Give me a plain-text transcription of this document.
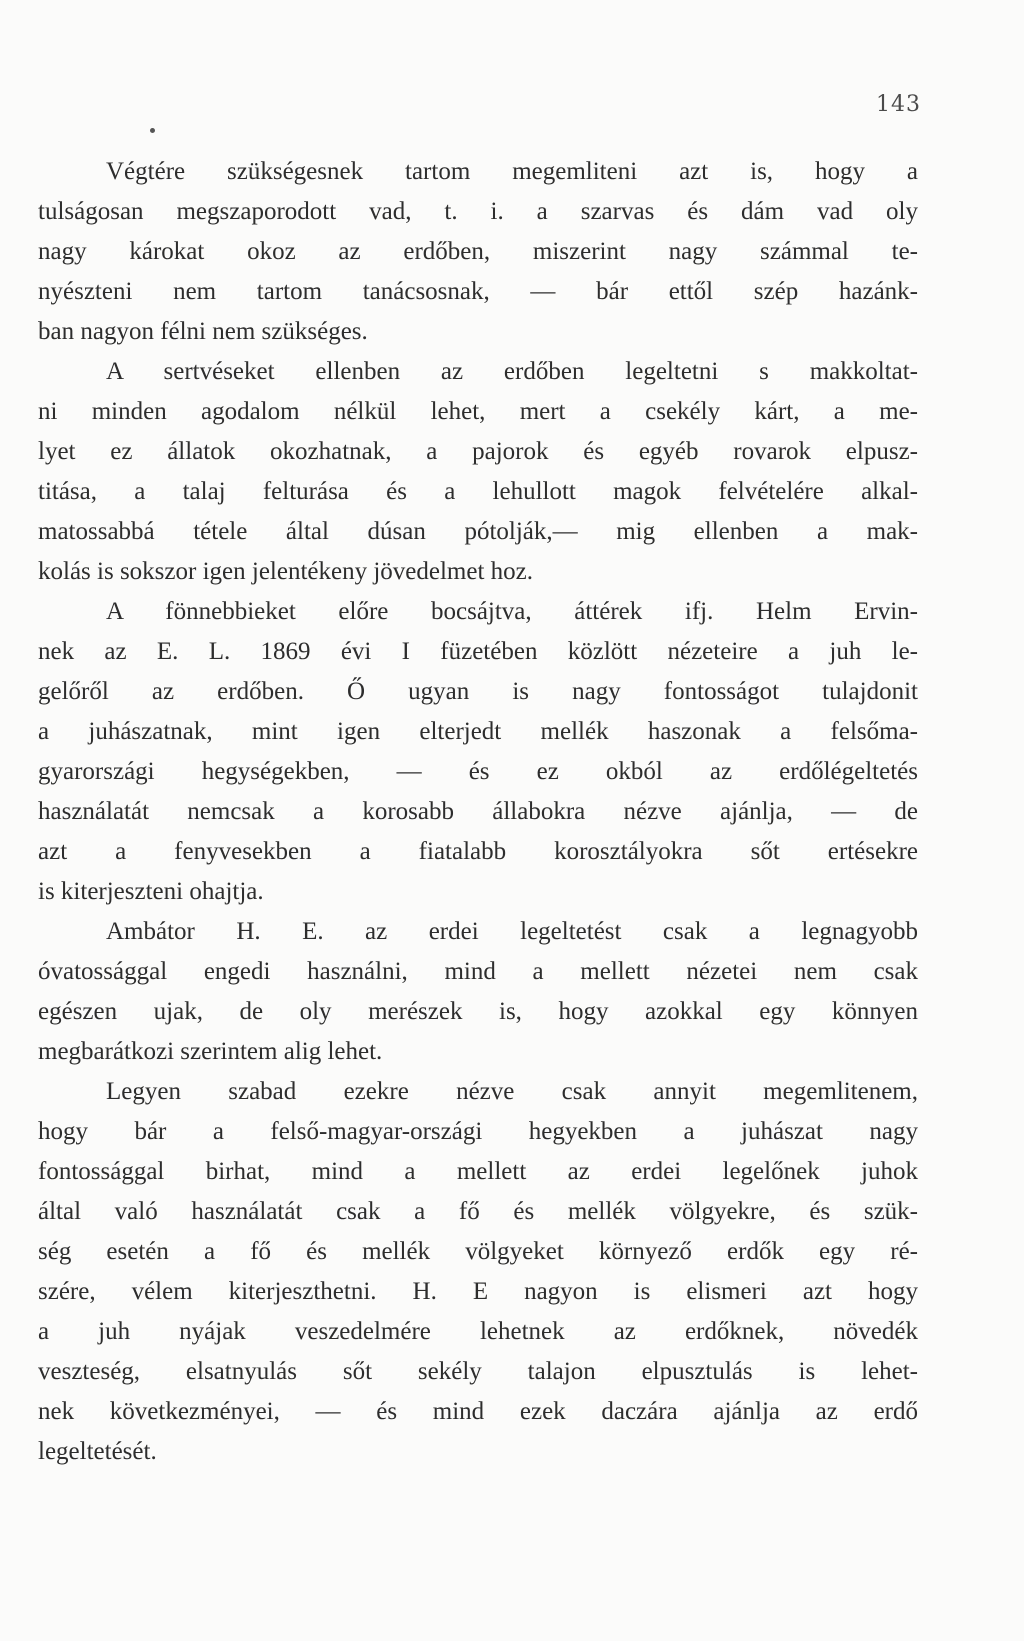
143
Végtére szükségesnek tartom megemliteni azt is, hogy a
tulságosan megszaporodott vad, t. i. a szarvas és dám vad oly
nagy károkat okoz az erdőben, miszerint nagy számmal te-
nyészteni nem tartom tanácsosnak, — bár ettől szép hazánk-
ban nagyon félni nem szükséges.
A sertvéseket ellenben az erdőben legeltetni s makkoltat-
ni minden agodalom nélkül lehet, mert a csekély kárt, a me-
lyet ez állatok okozhatnak, a pajorok és egyéb rovarok elpusz-
titása, a talaj felturása és a lehullott magok felvételére alkal-
matossabbá tétele által dúsan pótolják,— mig ellenben a mak-
kolás is sokszor igen jelentékeny jövedelmet hoz.
A fönnebbieket előre bocsájtva, áttérek ifj. Helm Ervin-
nek az E. L. 1869 évi I füzetében közlött nézeteire a juh le-
gelőről az erdőben. Ő ugyan is nagy fontosságot tulajdonit
a juhászatnak, mint igen elterjedt mellék haszonak a felsőma-
gyarországi hegységekben, — és ez okból az erdőlégeltetés
használatát nemcsak a korosabb állabokra nézve ajánlja, — de
azt a fenyvesekben a fiatalabb korosztályokra sőt ertésekre
is kiterjeszteni ohajtja.
Ambátor H. E. az erdei legeltetést csak a legnagyobb
óvatossággal engedi használni, mind a mellett nézetei nem csak
egészen ujak, de oly merészek is, hogy azokkal egy könnyen
megbarátkozi szerintem alig lehet.
Legyen szabad ezekre nézve csak annyit megemlitenem,
hogy bár a felső-magyar-országi hegyekben a juhászat nagy
fontossággal birhat, mind a mellett az erdei legelőnek juhok
által való használatát csak a fő és mellék völgyekre, és szük-
ség esetén a fő és mellék völgyeket környező erdők egy ré-
szére, vélem kiterjeszthetni. H. E nagyon is elismeri azt hogy
a juh nyájak veszedelmére lehetnek az erdőknek, növedék
veszteség, elsatnyulás sőt sekély talajon elpusztulás is lehet-
nek következményei, — és mind ezek daczára ajánlja az erdő
legeltetését.
